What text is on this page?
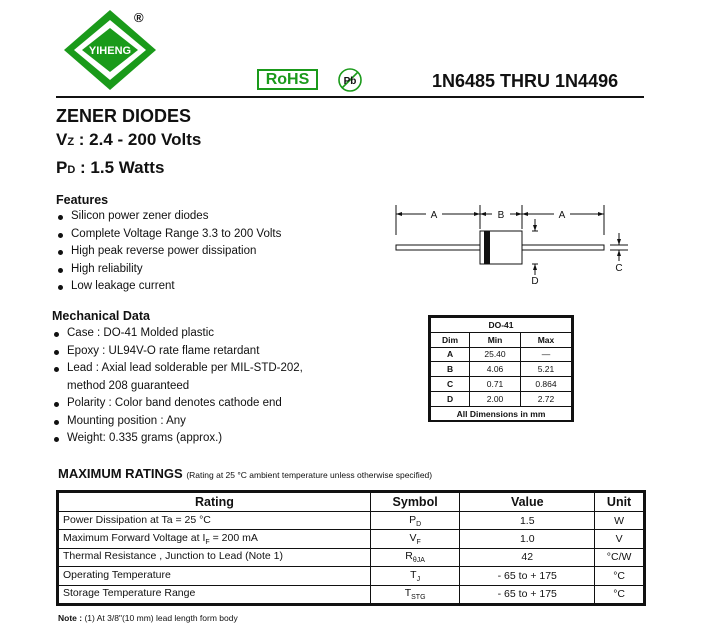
YIHENG
®
RoHS	Pb	1N6485 THRU 1N4496
ZENER DIODES
VZ : 2.4 - 200 Volts
PD : 1.5 Watts
Features
Silicon power zener diodes
Complete Voltage Range 3.3 to 200 Volts
High peak reverse power dissipation
High reliability
Low leakage current
Mechanical Data
Case : DO-41 Molded plastic
Epoxy : UL94V-O rate flame retardant
Lead : Axial lead solderable per MIL-STD-202,
method 208 guaranteed
Polarity : Color band denotes cathode end
Mounting position : Any
Weight: 0.335 grams (approx.)
A	B	A
C
D
DO-41		
Dim	Min	Max
A	25.40	—
B	4.06	5.21
C	0.71	0.864
D	2.00	2.72
All Dimensions in mm		
MAXIMUM RATINGS (Rating at 25 °C ambient temperature unless otherwise specified)
Rating	Symbol	Value	Unit
Power Dissipation at Ta = 25 °C	$P_D$	1.5	W
Maximum Forward Voltage at $I_F = 200$ mA	$V_F$	1.0	V
Thermal Resistance , Junction to Lead (Note 1)	$R_{\theta JA}$	42	°C/W
Operating Temperature	$T_J$	- 65 to + 175	°C
Storage Temperature Range	$T_{STG}$	- 65 to + 175	°C
Note : (1) At 3/8"(10 mm) lead length form body
